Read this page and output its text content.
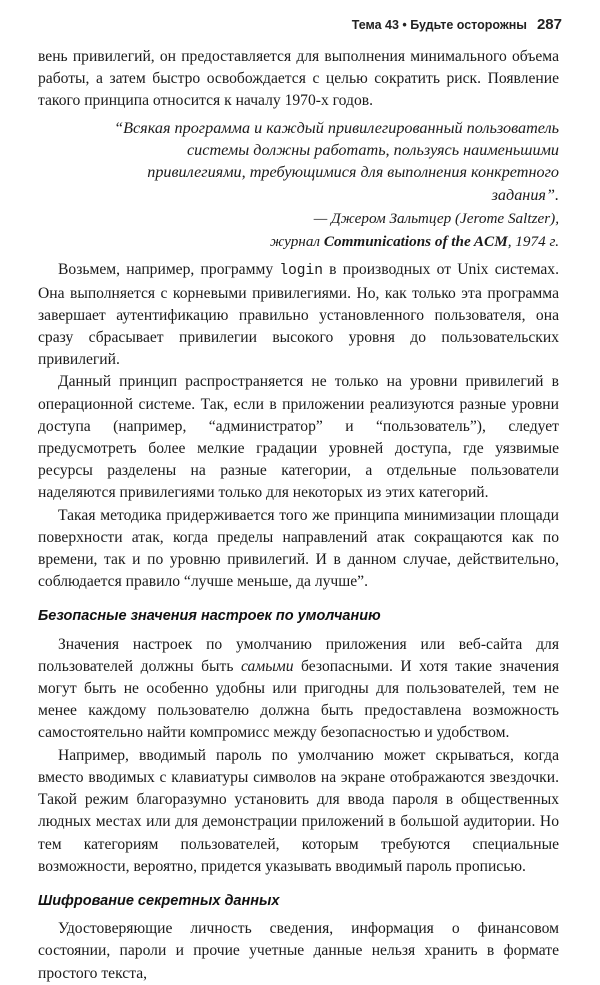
Тема 43 • Будьте осторожны 287

вень привилегий, он предоставляется для выполнения минимального объема работы, а затем быстро освобождается с целью сократить риск. Появление такого принципа относится к началу 1970-х годов.

“Всякая программа и каждый привилегированный пользователь системы должны работать, пользуясь наименьшими привилегиями, требующимися для выполнения конкретного задания”.

— Джером Зальтцер (Jerome Saltzer),
журнал Communications of the ACM, 1974 г.

Возьмем, например, программу login в производных от Unix системах. Она выполняется с корневыми привилегиями. Но, как только эта программа завершает аутентификацию правильно установленного пользователя, она сразу сбрасывает привилегии высокого уровня до пользовательских привилегий.

Данный принцип распространяется не только на уровни привилегий в операционной системе. Так, если в приложении реализуются разные уровни доступа (например, “администратор” и “пользователь”), следует предусмотреть более мелкие градации уровней доступа, где уязвимые ресурсы разделены на разные категории, а отдельные пользователи наделяются привилегиями только для некоторых из этих категорий.

Такая методика придерживается того же принципа минимизации площади поверхности атак, когда пределы направлений атак сокращаются как по времени, так и по уровню привилегий. И в данном случае, действительно, соблюдается правило “лучше меньше, да лучше”.

Безопасные значения настроек по умолчанию

Значения настроек по умолчанию приложения или веб-сайта для пользователей должны быть самыми безопасными. И хотя такие значения могут быть не особенно удобны или пригодны для пользователей, тем не менее каждому пользователю должна быть предоставлена возможность самостоятельно найти компромисс между безопасностью и удобством.

Например, вводимый пароль по умолчанию может скрываться, когда вместо вводимых с клавиатуры символов на экране отображаются звездочки. Такой режим благоразумно установить для ввода пароля в общественных людных местах или для демонстрации приложений в большой аудитории. Но тем категориям пользователей, которым требуются специальные возможности, вероятно, придется указывать вводимый пароль прописью.

Шифрование секретных данных

Удостоверяющие личность сведения, информация о финансовом состоянии, пароли и прочие учетные данные нельзя хранить в формате простого текста,
